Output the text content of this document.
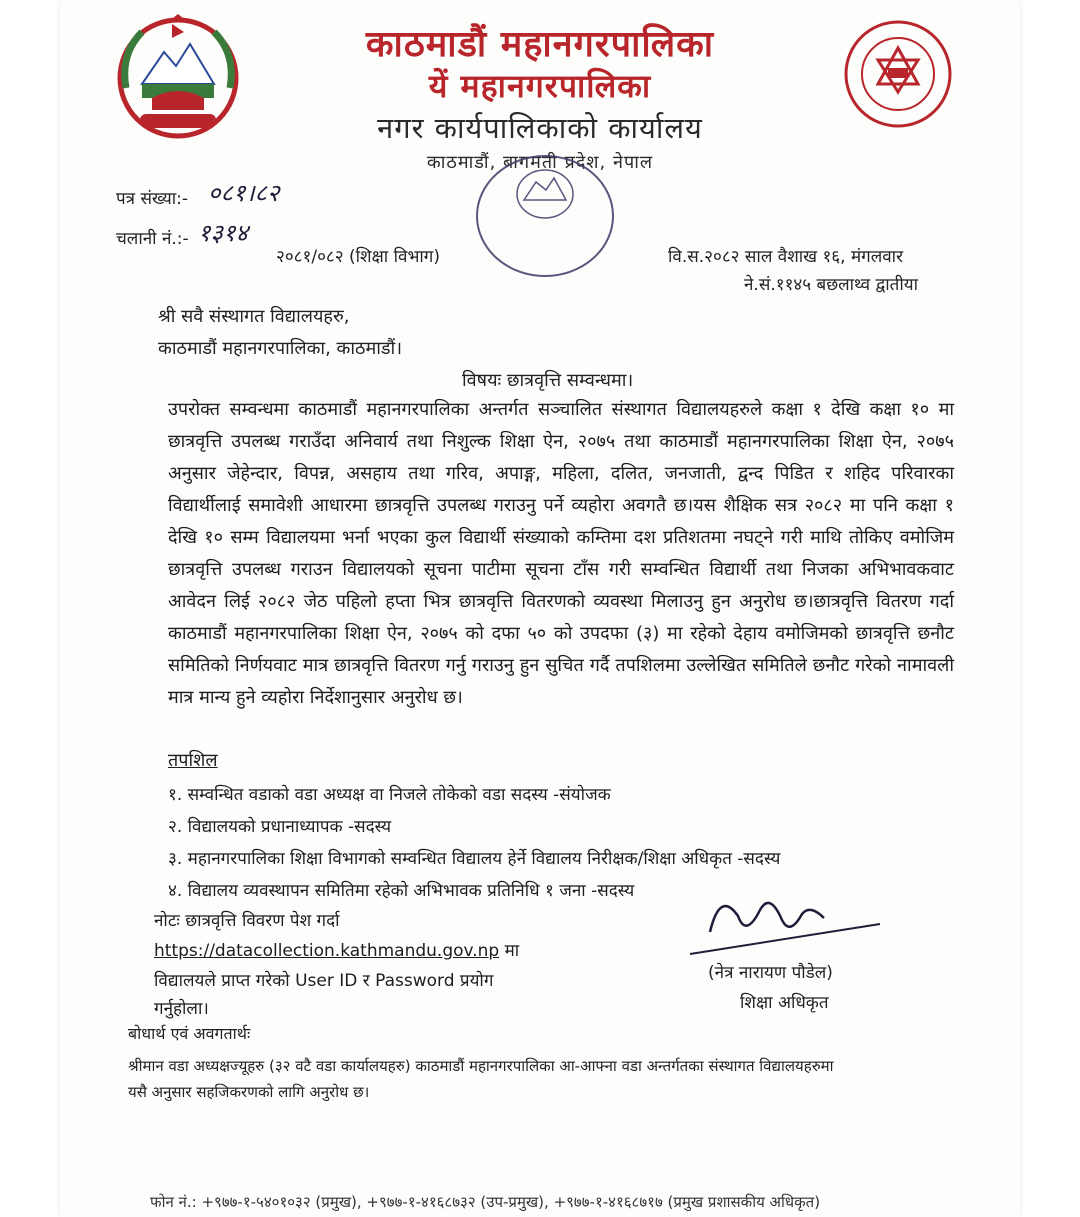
काठमाडौं महानगरपालिका
यें महानगरपालिका
नगर कार्यपालिकाको कार्यालय
काठमाडौं, बागमती प्रदेश, नेपाल
पत्र संख्या:- ०८१।८२
चलानी नं.:- १३१४
२०८१/०८२ (शिक्षा विभाग)	वि.स.२०८२ साल वैशाख १६, मंगलवार
ने.सं.११४५ बछलाथ्व द्वातीया
श्री सवै संस्थागत विद्यालयहरु,
काठमाडौं महानगरपालिका, काठमाडौं।
विषयः छात्रवृत्ति सम्वन्धमा।
उपरोक्त सम्वन्धमा काठमाडौं महानगरपालिका अन्तर्गत सञ्चालित संस्थागत विद्यालयहरुले कक्षा १ देखि कक्षा १० मा छात्रवृत्ति उपलब्ध गराउँदा अनिवार्य तथा निशुल्क शिक्षा ऐन, २०७५ तथा काठमाडौं महानगरपालिका शिक्षा ऐन, २०७५ अनुसार जेहेन्दार, विपन्न, असहाय तथा गरिव, अपाङ्ग, महिला, दलित, जनजाती, द्वन्द पिडित र शहिद परिवारका विद्यार्थीलाई समावेशी आधारमा छात्रवृत्ति उपलब्ध गराउनु पर्ने व्यहोरा अवगतै छ।यस शैक्षिक सत्र २०८२ मा पनि कक्षा १ देखि १० सम्म विद्यालयमा भर्ना भएका कुल विद्यार्थी संख्याको कम्तिमा दश प्रतिशतमा नघट्ने गरी माथि तोकिए वमोजिम छात्रवृत्ति उपलब्ध गराउन विद्यालयको सूचना पाटीमा सूचना टाँस गरी सम्वन्धित विद्यार्थी तथा निजका अभिभावकवाट आवेदन लिई २०८२ जेठ पहिलो हप्ता भित्र छात्रवृत्ति वितरणको व्यवस्था मिलाउनु हुन अनुरोध छ।छात्रवृत्ति वितरण गर्दा काठमाडौं महानगरपालिका शिक्षा ऐन, २०७५ को दफा ५० को उपदफा (३) मा रहेको देहाय वमोजिमको छात्रवृत्ति छनौट समितिको निर्णयवाट मात्र छात्रवृत्ति वितरण गर्नु गराउनु हुन सुचित गर्दै तपशिलमा उल्लेखित समितिले छनौट गरेको नामावली मात्र मान्य हुने व्यहोरा निर्देशानुसार अनुरोध छ।
तपशिल
१. सम्वन्धित वडाको वडा अध्यक्ष वा निजले तोकेको वडा सदस्य -संयोजक
२. विद्यालयको प्रधानाध्यापक -सदस्य
३. महानगरपालिका शिक्षा विभागको सम्वन्धित विद्यालय हेर्ने विद्यालय निरीक्षक/शिक्षा अधिकृत -सदस्य
४. विद्यालय व्यवस्थापन समितिमा रहेको अभिभावक प्रतिनिधि १ जना -सदस्य
नोटः छात्रवृत्ति विवरण पेश गर्दा
https://datacollection.kathmandu.gov.np मा
विद्यालयले प्राप्त गरेको User ID र Password प्रयोग
गर्नुहोला।
(नेत्र नारायण पौडेल)
शिक्षा अधिकृत
बोधार्थ एवं अवगतार्थः
श्रीमान वडा अध्यक्षज्यूहरु (३२ वटै वडा कार्यालयहरु) काठमाडौं महानगरपालिका आ-आफ्ना वडा अन्तर्गतका संस्थागत विद्यालयहरुमा
यसै अनुसार सहजिकरणको लागि अनुरोध छ।
फोन नं.: +९७७-१-५४०१०३२ (प्रमुख), +९७७-१-४१६८७३२ (उप-प्रमुख), +९७७-१-४१६८७१७ (प्रमुख प्रशासकीय अधिकृत)
